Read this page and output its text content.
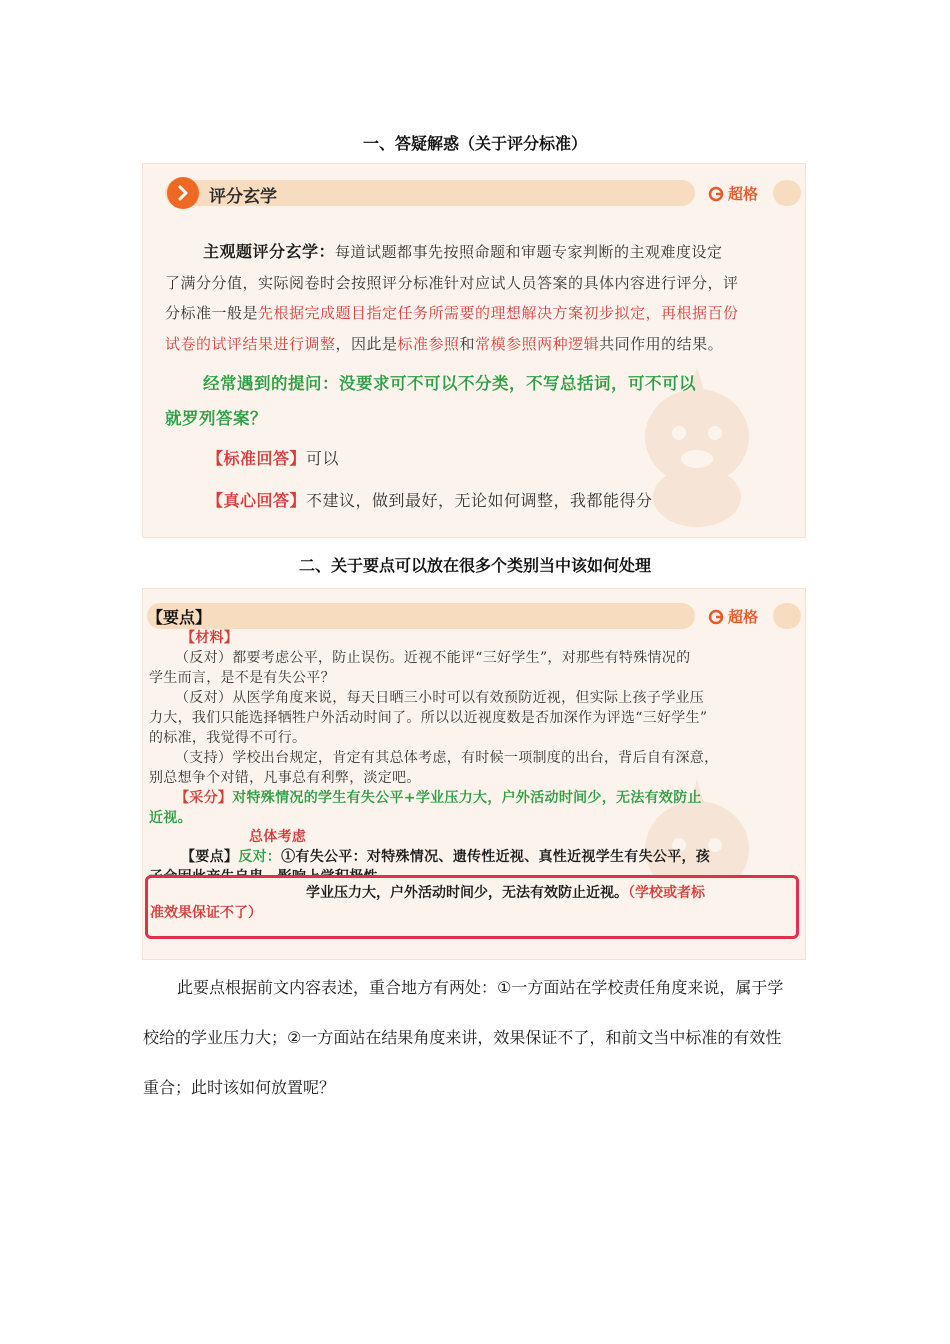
一、答疑解惑（关于评分标准）
评分玄学	超格
主观题评分玄学：每道试题都事先按照命题和审题专家判断的主观难度设定
了满分分值，实际阅卷时会按照评分标准针对应试人员答案的具体内容进行评分，评
分标准一般是先根据完成题目指定任务所需要的理想解决方案初步拟定，再根据百份
试卷的试评结果进行调整，因此是标准参照和常模参照两种逻辑共同作用的结果。
经常遇到的提问：没要求可不可以不分类，不写总括词，可不可以
就罗列答案？
【标准回答】可以
【真心回答】不建议，做到最好，无论如何调整，我都能得分
二、关于要点可以放在很多个类别当中该如何处理
【要点】	超格
【材料】
（反对）都要考虑公平，防止误伤。近视不能评“三好学生”，对那些有特殊情况的
学生而言，是不是有失公平？
（反对）从医学角度来说，每天日晒三小时可以有效预防近视，但实际上孩子学业压
力大，我们只能选择牺牲户外活动时间了。所以以近视度数是否加深作为评选“三好学生”
的标准，我觉得不可行。
（支持）学校出台规定，肯定有其总体考虑，有时候一项制度的出台，背后自有深意，
别总想争个对错，凡事总有利弊，淡定吧。
【采分】对特殊情况的学生有失公平+学业压力大，户外活动时间少，无法有效防止
近视。
总体考虑
【要点】反对：①有失公平：对特殊情况、遗传性近视、真性近视学生有失公平，孩
学业压力大，户外活动时间少，无法有效防止近视。（学校或者标
准效果保证不了）
此要点根据前文内容表述，重合地方有两处：①一方面站在学校责任角度来说，属于学
校给的学业压力大；②一方面站在结果角度来讲，效果保证不了，和前文当中标准的有效性
重合；此时该如何放置呢？
